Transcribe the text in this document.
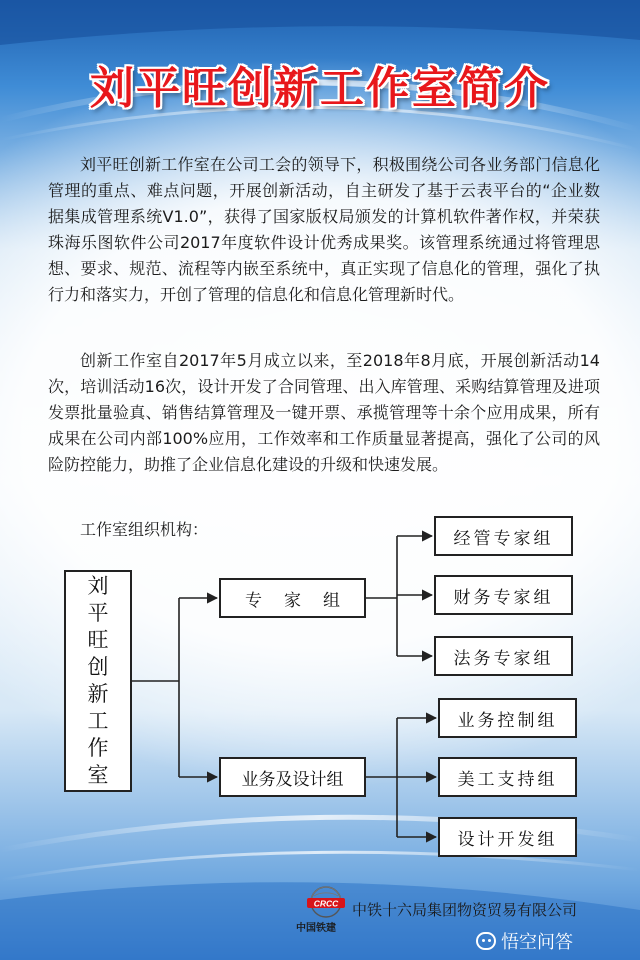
刘平旺创新工作室简介

刘平旺创新工作室在公司工会的领导下，积极围绕公司各业务部门信息化管理的重点、难点问题，开展创新活动，自主研发了基于云表平台的“企业数据集成管理系统V1.0”，获得了国家版权局颁发的计算机软件著作权，并荣获珠海乐图软件公司2017年度软件设计优秀成果奖。该管理系统通过将管理思想、要求、规范、流程等内嵌至系统中，真正实现了信息化的管理，强化了执行力和落实力，开创了管理的信息化和信息化管理新时代。

创新工作室自2017年5月成立以来，至2018年8月底，开展创新活动14次，培训活动16次，设计开发了合同管理、出入库管理、采购结算管理及进项发票批量验真、销售结算管理及一键开票、承揽管理等十余个应用成果，所有成果在公司内部100%应用，工作效率和工作质量显著提高，强化了公司的风险防控能力，助推了企业信息化建设的升级和快速发展。

工作室组织机构：
刘
平
旺
创
新
工
作
室
专家组
业务及设计组
经管专家组
财务专家组
法务专家组
业务控制组
美工支持组
设计开发组
CRCC
中国铁建
中铁十六局集团物资贸易有限公司
悟空问答
